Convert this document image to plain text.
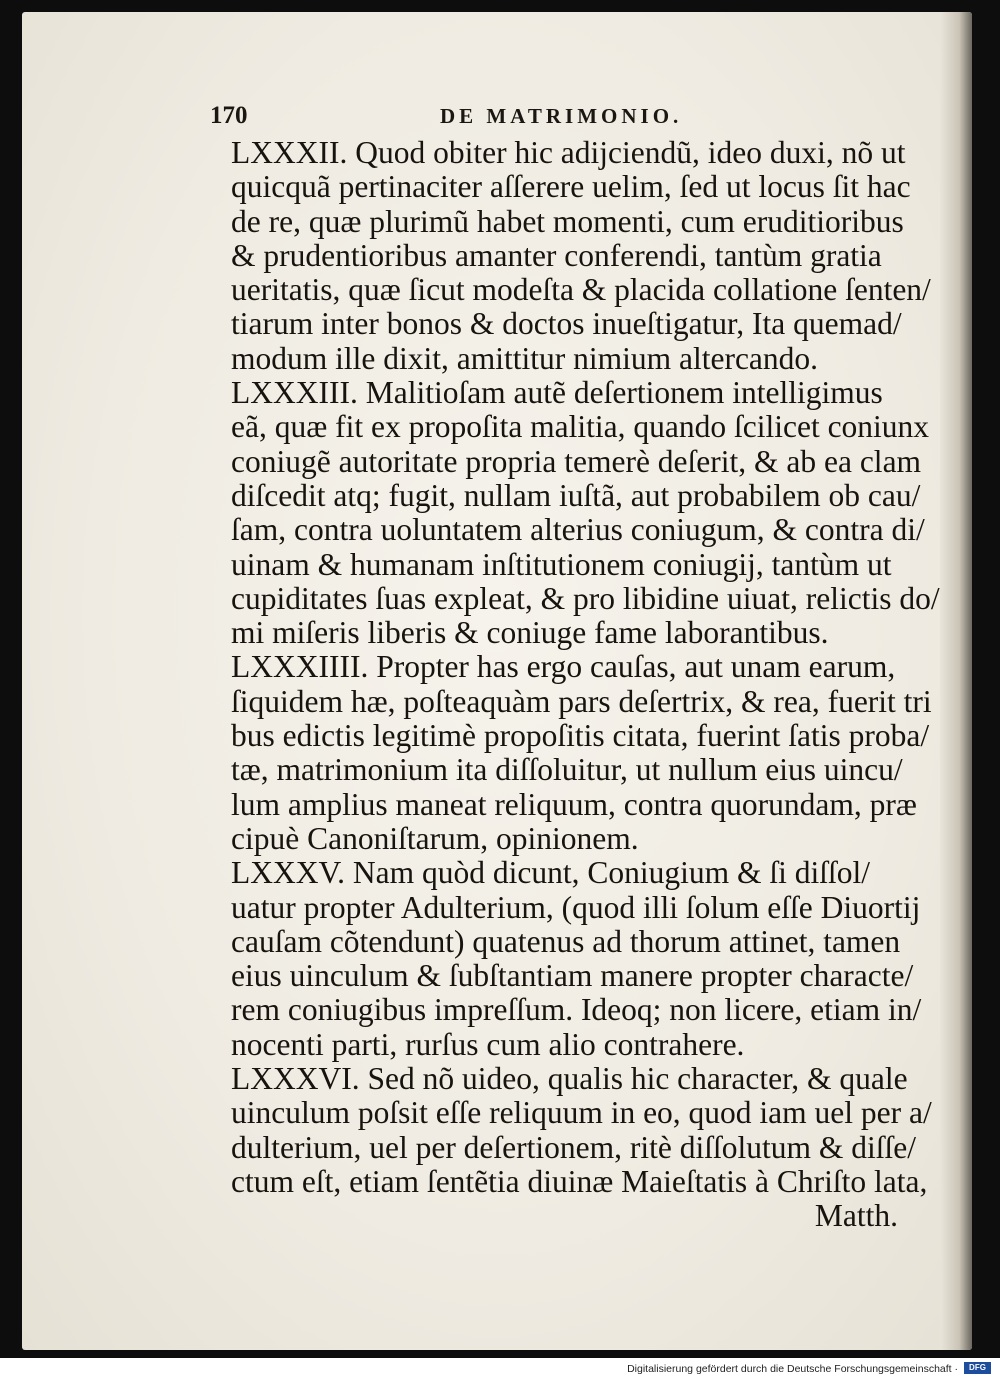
170	DE MATRIMONIO.
LXXXII. Quod obiter hic adijciendũ, ideo duxi, nõ ut
quicquã pertinaciter aſſerere uelim, ſed ut locus ſit hac
de re, quæ plurimũ habet momenti, cum eruditioribus
& prudentioribus amanter conferendi, tantùm gratia
ueritatis, quæ ſicut modeſta & placida collatione ſenten/
tiarum inter bonos & doctos inueſtigatur, Ita quemad/
modum ille dixit, amittitur nimium altercando.
LXXXIII. Malitioſam autẽ deſertionem intelligimus
eã, quæ fit ex propoſita malitia, quando ſcilicet coniunx
coniugẽ autoritate propria temerè deſerit, & ab ea clam
diſcedit atq; fugit, nullam iuſtã, aut probabilem ob cau/
ſam, contra uoluntatem alterius coniugum, & contra di/
uinam & humanam inſtitutionem coniugij, tantùm ut
cupiditates ſuas expleat, & pro libidine uiuat, relictis do/
mi miſeris liberis & coniuge fame laborantibus.
LXXXIIII. Propter has ergo cauſas, aut unam earum,
ſiquidem hæ, poſteaquàm pars deſertrix, & rea, fuerit tri
bus edictis legitimè propoſitis citata, fuerint ſatis proba/
tæ, matrimonium ita diſſoluitur, ut nullum eius uincu/
lum amplius maneat reliquum, contra quorundam, præ
cipuè Canoniſtarum, opinionem.
LXXXV. Nam quòd dicunt, Coniugium & ſi diſſol/
uatur propter Adulterium, (quod illi ſolum eſſe Diuortij
cauſam cõtendunt) quatenus ad thorum attinet, tamen
eius uinculum & ſubſtantiam manere propter characte/
rem coniugibus impreſſum. Ideoq; non licere, etiam in/
nocenti parti, rurſus cum alio contrahere.
LXXXVI. Sed nõ uideo, qualis hic character, & quale
uinculum poſsit eſſe reliquum in eo, quod iam uel per a/
dulterium, uel per deſertionem, ritè diſſolutum & diſſe/
ctum eſt, etiam ſentẽtia diuinæ Maieſtatis à Chriſto lata,
Matth.
Digitalisierung gefördert durch die Deutsche Forschungsgemeinschaft ·	DFG
